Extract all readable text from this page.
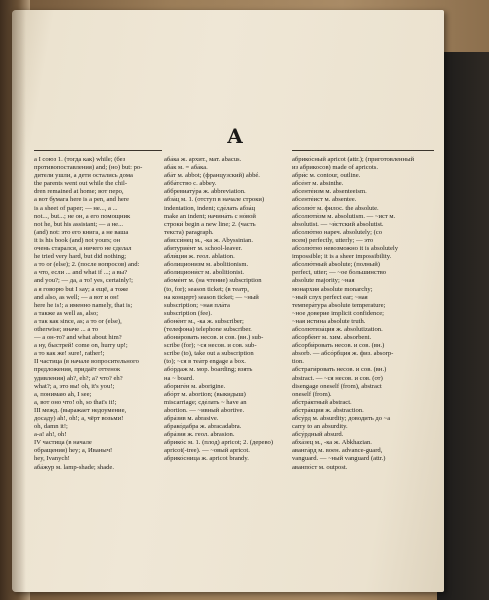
A

а I союз 1. (тогда как) while; (без

противопоставления) and; (но) but: ро-

дители ушли, а дети остались дома

the parents went out while the chil-

dren remained at home; вот перо,

а вот бумага here is a pen, and here

is a sheet of paper; — не..., а ...

not..., but...; не он, а его помощник

not he, but his assistant; — а не...

(and) not: это его книга, а не ваша

it is his book (and) not yours; он

очень старался, а ничего не сделал

he tried very hard, but did nothing;

а то or (else); 2. (после вопросов) and:

а что, если ... and what if ...; а вы?

and you?; — да, а то! yes, certainly!;

а я говорю but I say; а ещё, а тоже

and also, as well; — а вот и он!

here he is!; а именно namely, that is;

а также as well as, also;

а так как since, as; а то or (else),

otherwise; иначе ... а то

— а он-то? and what about him?

а ну, быстрей! come on, hurry up!;

а то как же! sure!, rather!;

II частица (в начале вопросительного

предложения, придаёт оттенок

удивления) ah?, eh?; а? что? eh?

what?; а, это вы! oh, it's you!;

а, понимаю ah, I see;

а, вот оно что! oh, so that's it!;

III межд. (выражает недоумение,

досаду) ah!, oh!; а, чёрт возьми!

oh, damn it!;

а-а! ah!, oh!

IV частица (в начале

обращения) hey; а, Иваныч!

hey, Ivanych!

аба́жур м. lamp-shade; shade.

аба́ка ж. архит., мат. abacus.

аба́к м. = аба́ка.

аба́т м. abbot; (французский) abbé.

абба́тство с. abbey.

аббревиату́ра ж. abbreviation.

абза́ц м. 1. (отступ в начале строки)

indentation, indent; сде́лать абза́ц

make an indent; начина́ть с но́вой

строки́ begin a new line; 2. (часть

текста) paragraph.

абисси́нец м., -ка ж. Abyssinian.

абитурие́нт м. school-leaver.

абли́ция ж. геол. ablation.

аболиционизм м. abolitionism.

аболициони́ст м. abolitionist.

абоме́нт м. (на чтение) subscription

(to, for); season ticket; (в театр,

на концерт) season ticket; — ~ный

subscription; ~ная пла́та

subscription (fee).

абоне́нт м., -ка ж. subscriber;

(телефона) telephone subscriber.

абони́ровать несов. и сов. (вн.) sub-

scribe (for); ~ся несов. и сов. sub-

scribe (to), take out a subscription

(to); ~ся в теа́тр engage a box.

або́рдаж м. мор. boarding; взять

на ~ board.

абориге́н м. aborigine.

або́рт м. abortion; (выкидыш)

miscarriage; сде́лать ~ have an

abortion. — ~ивный abortive.

абра́зив м. abrasive.

абрако́дабра ж. abracadabra.

абра́зия ж. геол. abrasion.

абрико́с м. 1. (плод) apricot; 2. (дерево)

apricot(-tree). — ~овый apricot.

абрико́сница ж. apricot brandy.

абрико́сный apricot (attr.); (приготовленный

из абрикосов) made of apricots.

абри́с м. contour, outline.

абсе́нт м. absinthe.

абсенте́изм м. absenteeism.

абсенте́ист м. absentee.

абсолю́т м. филос. the absolute.

абсолюти́зм м. absolutism. — ~ист м.

absolutist. — ~и́стский absolutist.

абсолю́тно нареч. absolutely; (со

всем) perfectly, utterly; — это

абсолю́тно невозможно it is absolutely

impossible; it is a sheer impossibility.

абсолю́тный absolute; (полный)

perfect, utter; — ~ое большинство

absolute majority; ~ная

монархия absolute monarchy;

~ный слух perfect ear; ~ная

темпера́тура absolute temperature;

~ное доверие implicit confidence;

~ная истина absolute truth.

абсолютиза́ция ж. absolutization.

абсорбе́нт м. хим. absorbent.

абсорби́ровать несов. и сов. (вн.)

absorb. — абсо́рбция ж. физ. absorp-

tion.

абстраги́ровать несов. и сов. (вн.)

abstract. — ~ся несов. и сов. (от)

disengage oneself (from), abstract

oneself (from).

абстра́ктный abstract.

абстра́кция ж. abstraction.

абсу́рд м. absurdity; доводить до ~а

carry to an absurdity.

абсу́рдный absurd.

абха́зец м., -ка ж. Abkhazian.

аванга́рд м. воен. advance-guard,

vanguard. — ~ный vanguard (attr.)

аванпо́ст м. outpost.
